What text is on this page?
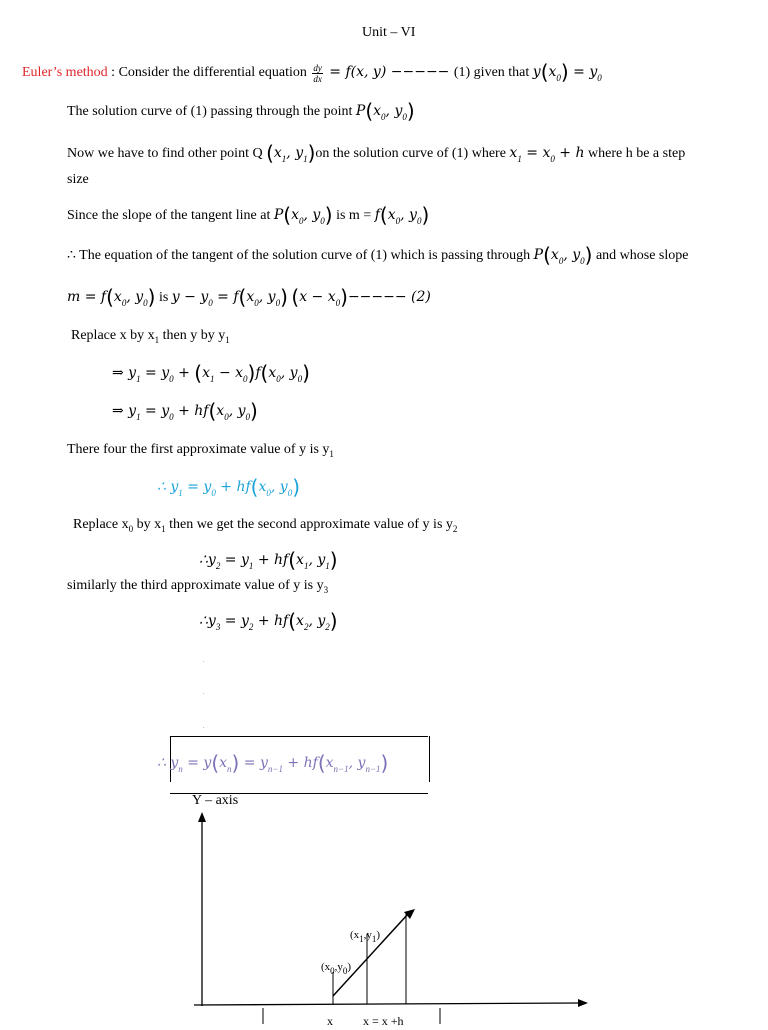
Unit – VI
Euler’s method : Consider the differential equation $\frac{dy}{dx} = f(x$, y) −−−−− (1) given that $y(x_0) = y_0$
The solution curve of (1) passing through the point $P(x_0$, $y_0$)
Now we have to find other point Q ($x_1$, $y_1)on$ the solution curve of (1) where $x_1 = x_0 + h$ where h be a step
size
Since the slope of the tangent line at $P(x_0$, $y_0$) is $m = f(x_0$, $y_0$)
∴ The equation of the tangent of the solution curve of (1) which is passing through $P(x_0$, $y_0$) and whose slope
$m = f(x_0$, $y_0$) is $y - y_0 = f(x_0$, $y_0$) $(x - x_0)----- (2)$
Replace x by $x_1$ then y by $y_1$
⇒ $y_1 = y_0 + (x_1 - x_0)f(x_0$, $y_0$)
⇒ $y_1 = y_0 + hf(x_0$, $y_0$)
There four the first approximate value of y is $y_1$
∴ $y_1 = y_0 + hf(x_0$, $y_0$)
Replace $x_0$ by $x_1$ then we get the second approximate value of y is $y_2$
$\therefore y_2 = y_1 + hf(x_1$, $y_1$)
similarly the third approximate value of y is $y_3$
$\therefore y_3 = y_2 + hf(x_2$, $y_2$)
.
.
.
∴ $y_n = y(x_n) = y_{n-1} + hf(x_{n-1}$, $y_{n-1}$)
Y – axis
$(x_0,y_0)$
$(x_1,y_1)$
x	x = x +h
